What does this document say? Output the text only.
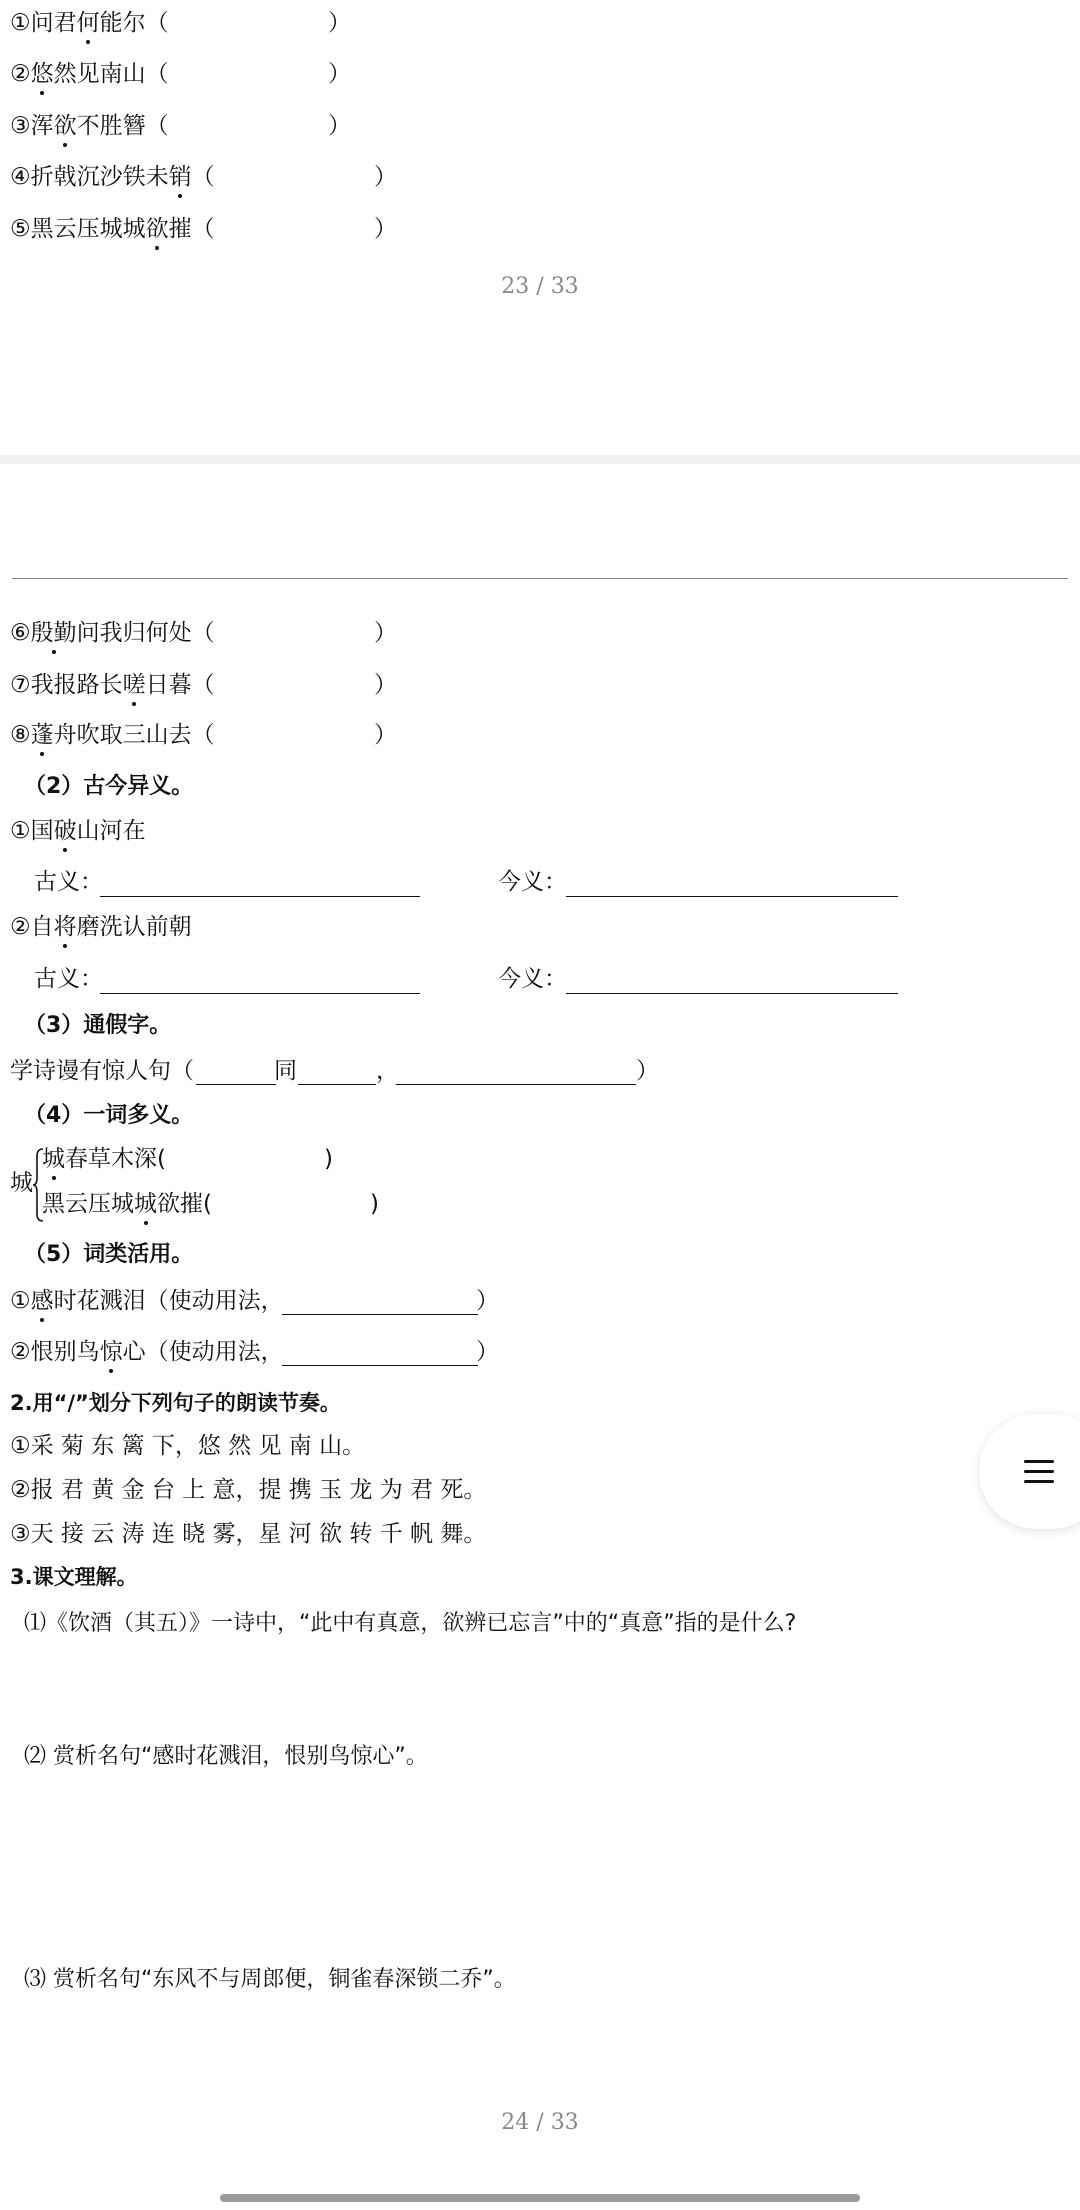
①问君何能尔（	）
②悠然见南山（	）
③浑欲不胜簪（	）
④折戟沉沙铁未销（	）
⑤黑云压城城欲摧（	）
23 / 33
⑥殷勤问我归何处（	）
⑦我报路长嗟日暮（	）
⑧蓬舟吹取三山去（	）
（2）古今异义。
①国破山河在
古义：	今义：
②自将磨洗认前朝
古义：	今义：
（3）通假字。
学诗谩有惊人句（	同	，	）
（4）一词多义。
城
城春草木深(	)
黑云压城城欲摧(	)
（5）词类活用。
①感时花溅泪（使动用法，	）
②恨别鸟惊心（使动用法，	）
2.用“/”划分下列句子的朗读节奏。
①采 菊 东 篱 下，悠 然 见 南 山。
②报 君 黄 金 台 上 意，提 携 玉 龙 为 君 死。
③天 接 云 涛 连 晓 雾，星 河 欲 转 千 帆 舞。
3.课文理解。
⑴《饮酒（其五）》一诗中，“此中有真意，欲辨已忘言”中的“真意”指的是什么?
⑵ 赏析名句“感时花溅泪，恨别鸟惊心”。
⑶ 赏析名句“东风不与周郎便，铜雀春深锁二乔”。
24 / 33
